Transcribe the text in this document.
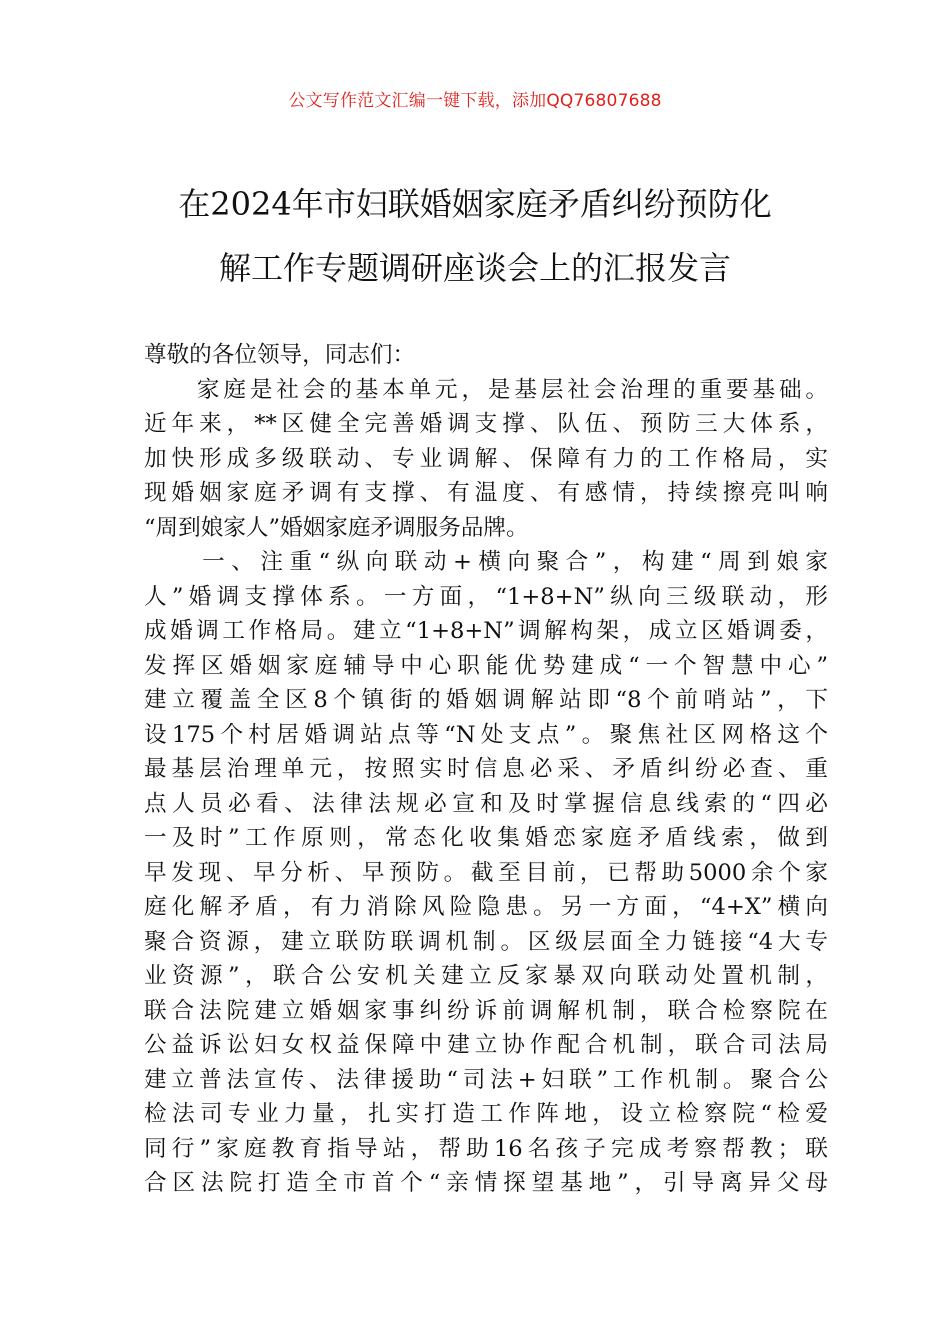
公文写作范文汇编一键下载，添加QQ76807688
在2024年市妇联婚姻家庭矛盾纠纷预防化
解工作专题调研座谈会上的汇报发言
尊敬的各位领导，同志们：
　　家庭是社会的基本单元，是基层社会治理的重要基础。
近年来，**区健全完善婚调支撑、队伍、预防三大体系，
加快形成多级联动、专业调解、保障有力的工作格局，实
现婚姻家庭矛调有支撑、有温度、有感情，持续擦亮叫响
“周到娘家人”婚姻家庭矛调服务品牌。
　　一、注重“纵向联动+横向聚合”，构建“周到娘家
人”婚调支撑体系。一方面，“1+8+N”纵向三级联动，形
成婚调工作格局。建立“1+8+N”调解构架，成立区婚调委，
发挥区婚姻家庭辅导中心职能优势建成“一个智慧中心”
建立覆盖全区8个镇街的婚姻调解站即“8个前哨站”，下
设175个村居婚调站点等“N处支点”。聚焦社区网格这个
最基层治理单元，按照实时信息必采、矛盾纠纷必查、重
点人员必看、法律法规必宣和及时掌握信息线索的“四必
一及时”工作原则，常态化收集婚恋家庭矛盾线索，做到
早发现、早分析、早预防。截至目前，已帮助5000余个家
庭化解矛盾，有力消除风险隐患。另一方面，“4+X”横向
聚合资源，建立联防联调机制。区级层面全力链接“4大专
业资源”，联合公安机关建立反家暴双向联动处置机制，
联合法院建立婚姻家事纠纷诉前调解机制，联合检察院在
公益诉讼妇女权益保障中建立协作配合机制，联合司法局
建立普法宣传、法律援助“司法+妇联”工作机制。聚合公
检法司专业力量，扎实打造工作阵地，设立检察院“检爱
同行”家庭教育指导站，帮助16名孩子完成考察帮教；联
合区法院打造全市首个“亲情探望基地”，引导离异父母
